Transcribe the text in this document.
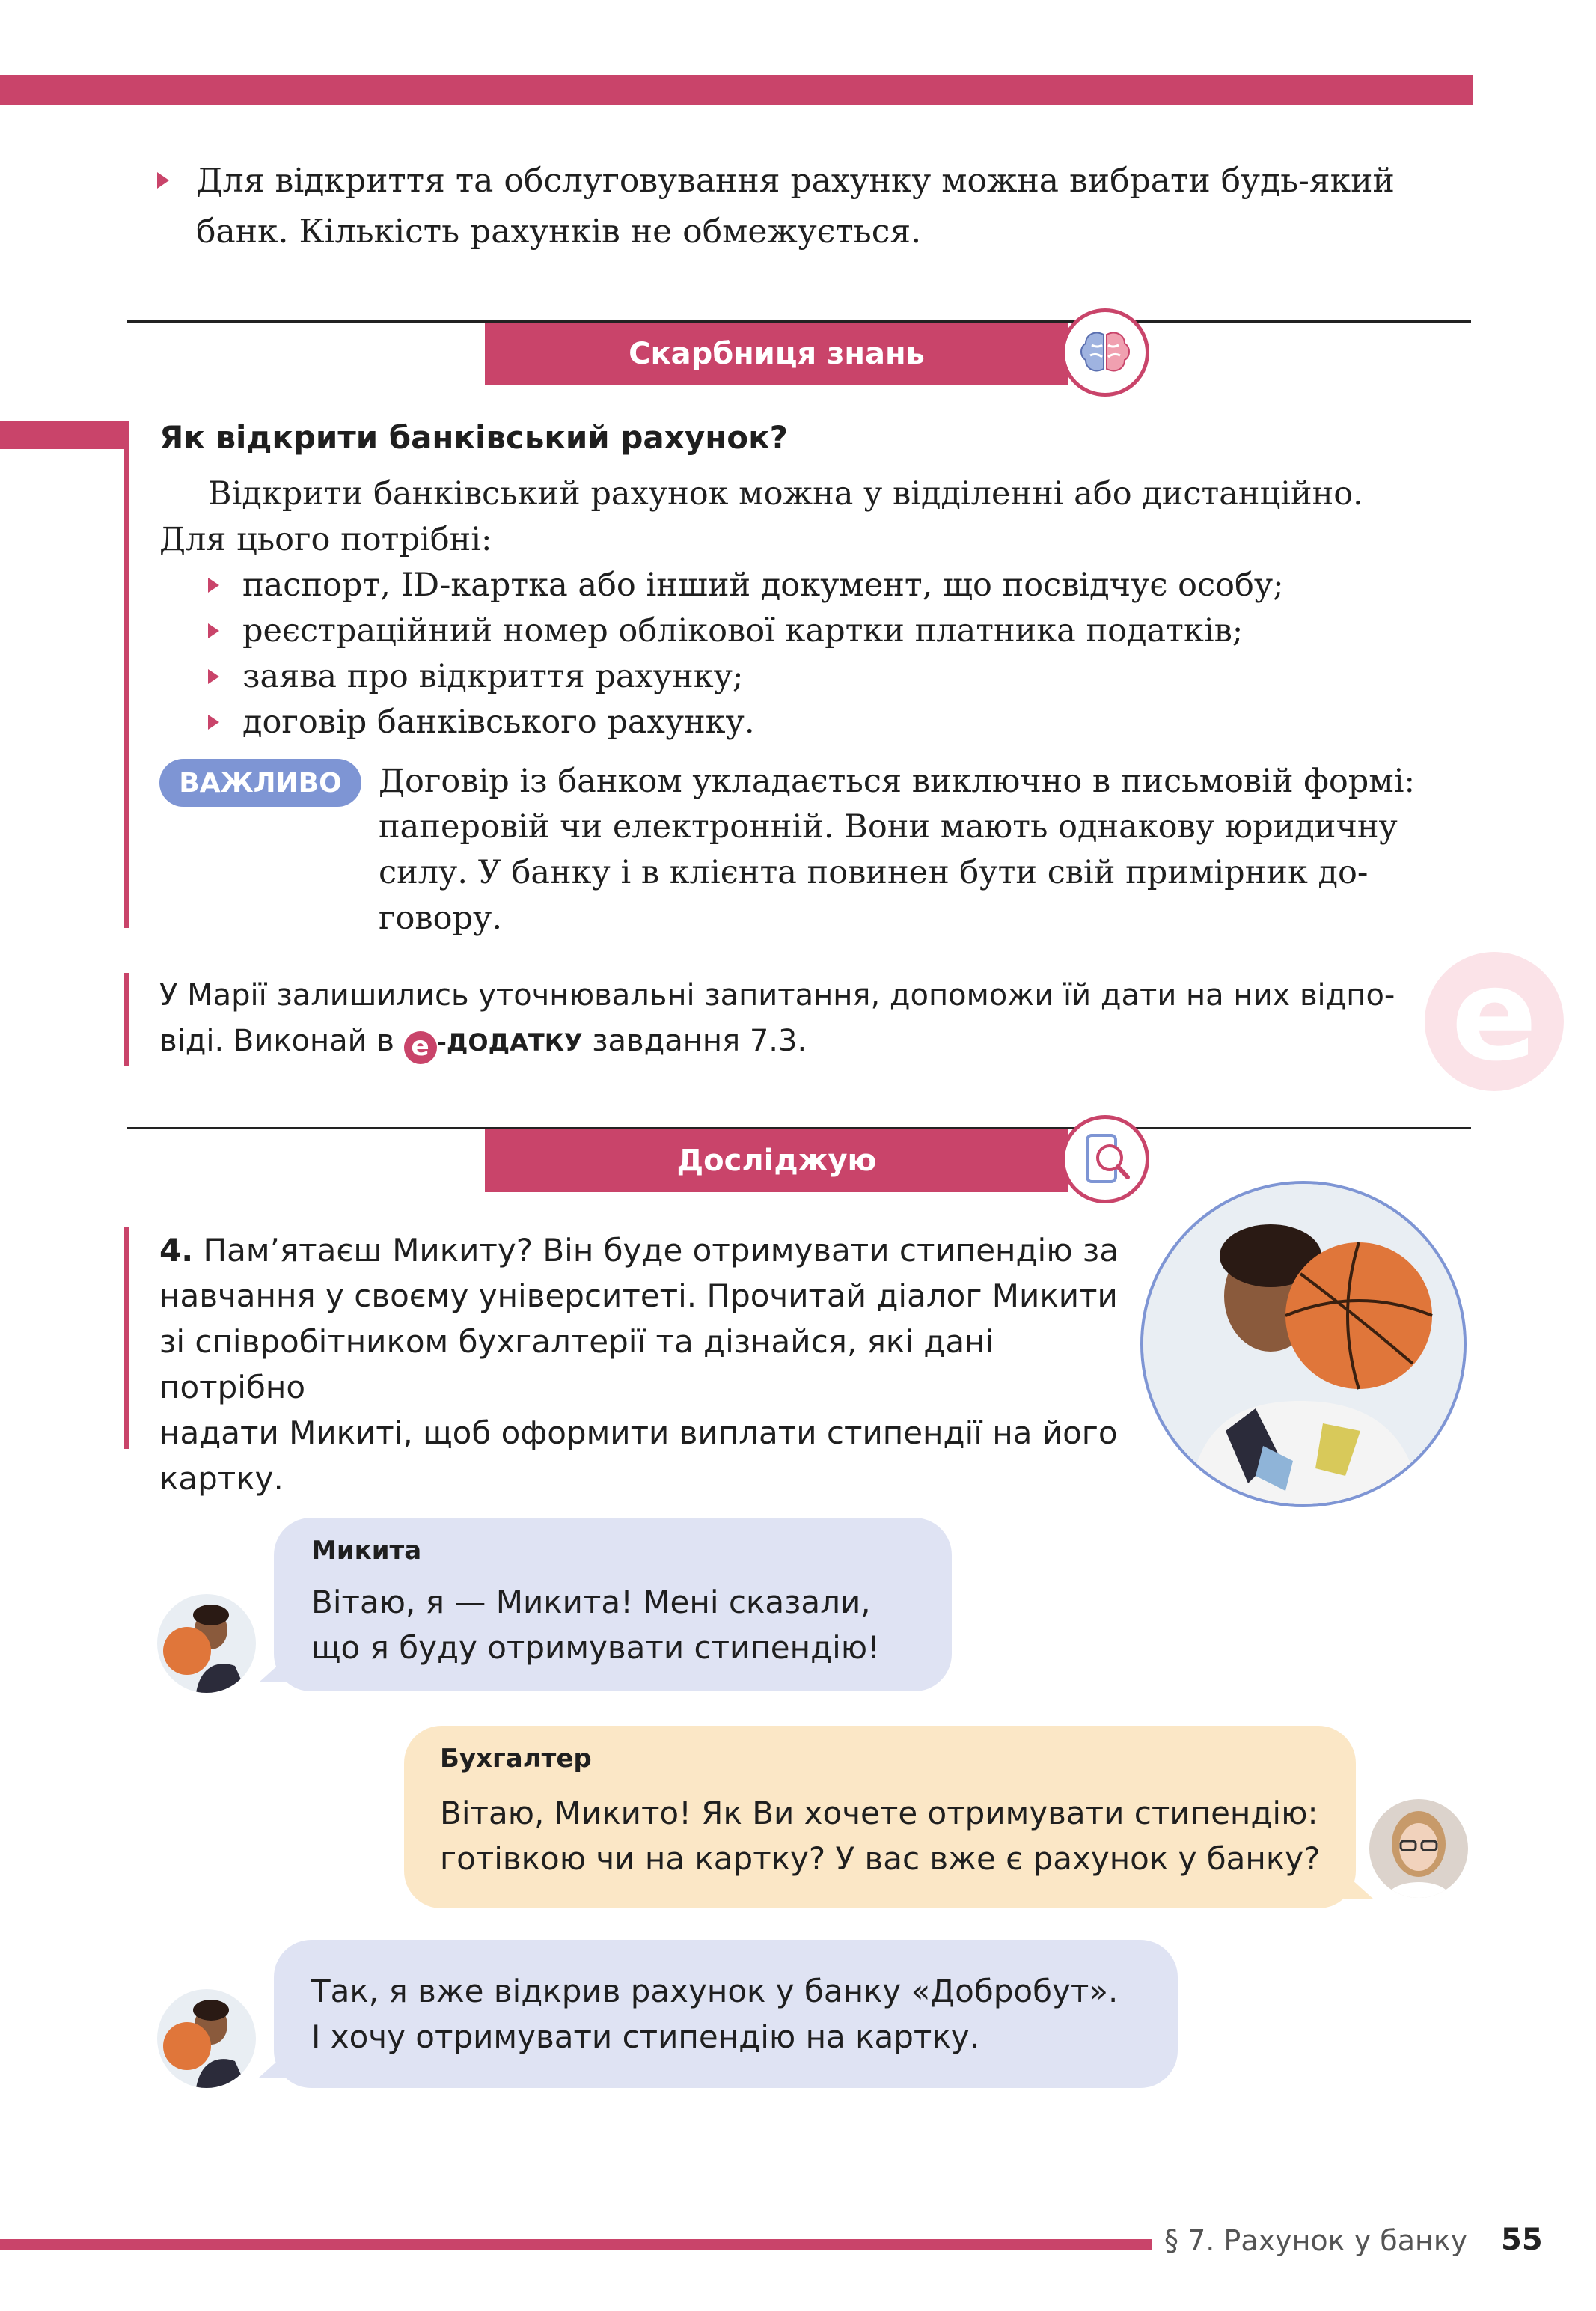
Для відкриття та обслуговування рахунку можна вибрати будь-який банк. Кількість рахунків не обмежується.

Скарбниця знань
Як відкрити банківський рахунок?
Відкрити банківський рахунок можна у відділенні або дистанційно.
Для цього потрібні:
паспорт, ID-картка або інший документ, що посвідчує особу;
реєстраційний номер облікової картки платника податків;
заява про відкриття рахунку;
договір банківського рахунку.
ВАЖЛИВО	Договір із банком укладається виключно в письмовій формі:
паперовій чи електронній. Вони мають однакову юридичну
силу. У банку і в клієнта повинен бути свій примірник до-
говору.
У Марії залишились уточнювальні запитання, допоможи їй дати на них відпо-
віді. Виконай в e -ДОДАТКУ завдання 7.3.	e
Досліджую
4. Пам’ятаєш Микиту? Він буде отримувати стипендію за
навчання у своєму університеті. Прочитай діалог Микити
зі співробітником бухгалтерії та дізнайся, які дані потрібно
надати Микиті, щоб оформити виплати стипендії на його
картку.
Микита
Вітаю, я — Микита! Мені сказали,
що я буду отримувати стипендію!
Бухгалтер
Вітаю, Микито! Як Ви хочете отримувати стипендію:
готівкою чи на картку? У вас вже є рахунок у банку?
Так, я вже відкрив рахунок у банку «Добробут».
І хочу отримувати стипендію на картку.
§ 7. Рахунок у банку 55
